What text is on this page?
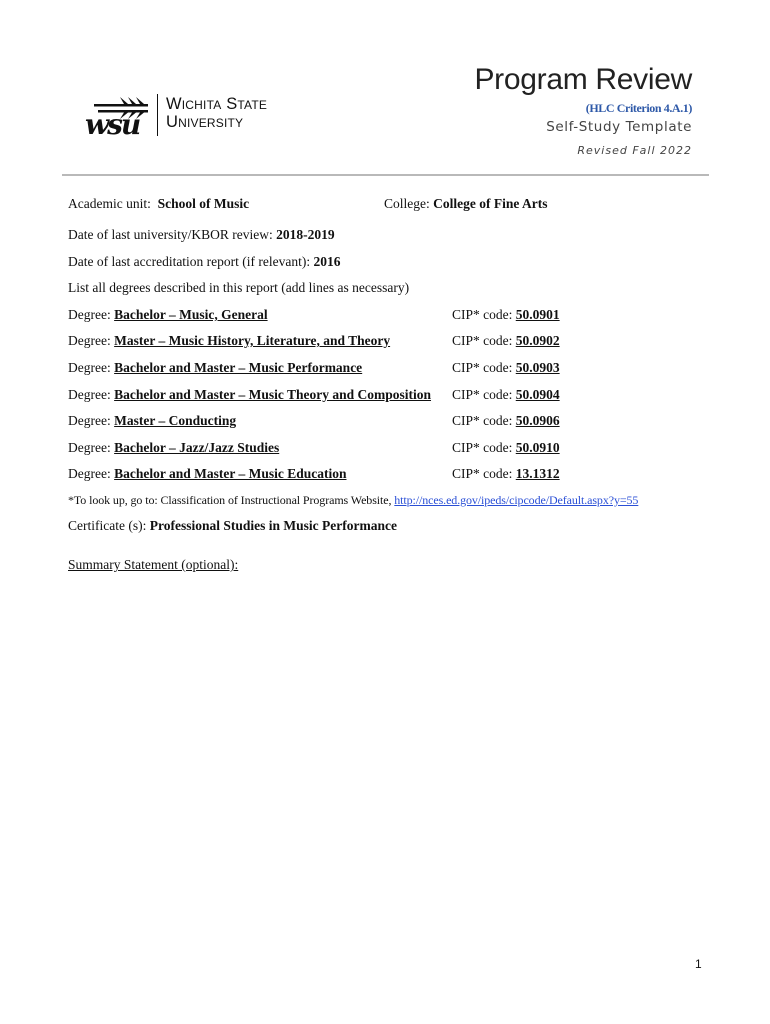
wsu
Wichita State
University
Program Review
(HLC Criterion 4.A.1)
Self-Study Template
Revised Fall 2022
Academic unit: School of Music	College: College of Fine Arts
Date of last university/KBOR review: 2018-2019
Date of last accreditation report (if relevant): 2016
List all degrees described in this report (add lines as necessary)
Degree: Bachelor – Music, General	CIP* code: 50.0901
Degree: Master – Music History, Literature, and Theory	CIP* code: 50.0902
Degree: Bachelor and Master – Music Performance	CIP* code: 50.0903
Degree: Bachelor and Master – Music Theory and Composition CIP* code: 50.0904
Degree: Master – Conducting	CIP* code: 50.0906
Degree: Bachelor – Jazz/Jazz Studies	CIP* code: 50.0910
Degree: Bachelor and Master – Music Education	CIP* code: 13.1312
*To look up, go to: Classification of Instructional Programs Website, http://nces.ed.gov/ipeds/cipcode/Default.aspx?y=55
Certificate (s): Professional Studies in Music Performance
Summary Statement (optional):
1
